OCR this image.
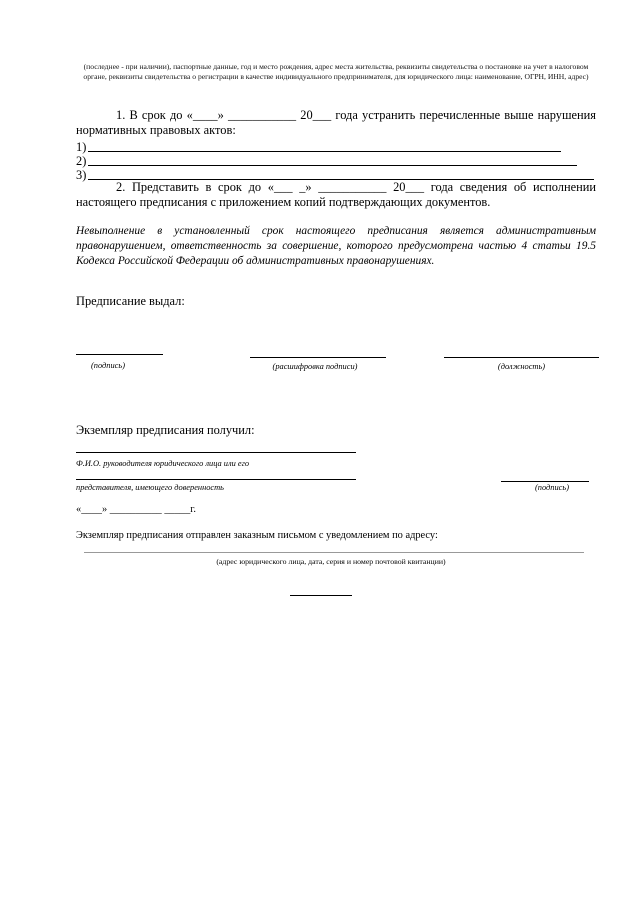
(последнее - при наличии), паспортные данные, год и место рождения, адрес места жительства, реквизиты свидетельства о постановке на учет в налоговом органе, реквизиты свидетельства о регистрации в качестве индивидуального предпринимателя, для юридического лица: наименование, ОГРН, ИНН, адрес)
1. В срок до «____» ___________ 20___ года устранить перечисленные выше нарушения нормативных правовых актов:
1)
2)
3)
2. Представить в срок до «___ _» ___________ 20___ года сведения об исполнении настоящего предписания с приложением копий подтверждающих документов.
Невыполнение в установленный срок настоящего предписания является административным правонарушением, ответственность за совершение, которого предусмотрена частью 4 статьи 19.5 Кодекса Российской Федерации об административных правонарушениях.
Предписание выдал:
(подпись)	(расшифровка подписи)	(должность)
Экземпляр предписания получил:
Ф.И.О. руководителя юридического лица или его
представителя, имеющего доверенность	(подпись)
«____» __________ _____г.
Экземпляр предписания отправлен заказным письмом с уведомлением по адресу:
(адрес юридического лица, дата, серия и номер почтовой квитанции)
